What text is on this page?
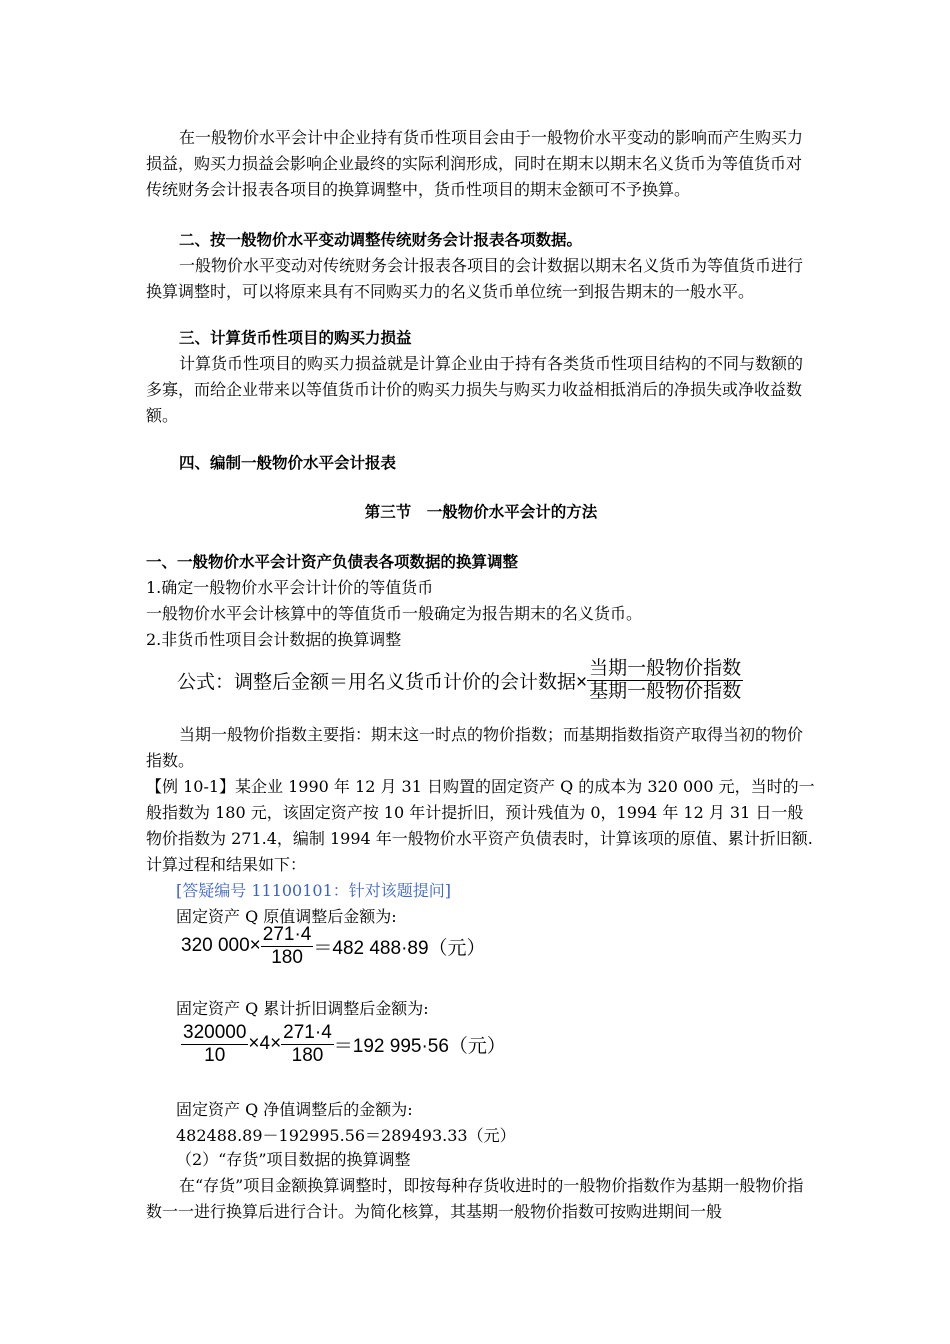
在一般物价水平会计中企业持有货币性项目会由于一般物价水平变动的影响而产生购买力损益，购买力损益会影响企业最终的实际利润形成，同时在期末以期末名义货币为等值货币对传统财务会计报表各项目的换算调整中，货币性项目的期末金额可不予换算。

二、按一般物价水平变动调整传统财务会计报表各项数据。

一般物价水平变动对传统财务会计报表各项目的会计数据以期末名义货币为等值货币进行换算调整时，可以将原来具有不同购买力的名义货币单位统一到报告期末的一般水平。

三、计算货币性项目的购买力损益

计算货币性项目的购买力损益就是计算企业由于持有各类货币性项目结构的不同与数额的多寡，而给企业带来以等值货币计价的购买力损失与购买力收益相抵消后的净损失或净收益数额。

四、编制一般物价水平会计报表

第三节　一般物价水平会计的方法

一、一般物价水平会计资产负债表各项数据的换算调整

1.确定一般物价水平会计计价的等值货币

一般物价水平会计核算中的等值货币一般确定为报告期末的名义货币。

2.非货币性项目会计数据的换算调整

公式：调整后金额＝用名义货币计价的会计数据× $\frac{\text{当期一般物价指数}}{\text{基期一般物价指数}}$

当期一般物价指数主要指：期末这一时点的物价指数；而基期指数指资产取得当初的物价指数。

【例 10-1】某企业 1990 年 12 月 31 日购置的固定资产 Q 的成本为 320 000 元，当时的一般指数为 180 元，该固定资产按 10 年计提折旧，预计残值为 0，1994 年 12 月 31 日一般物价指数为 271.4，编制 1994 年一般物价水平资产负债表时，计算该项的原值、累计折旧额. 计算过程和结果如下：

[答疑编号 11100101：针对该题提问]

固定资产 Q 原值调整后金额为:

320 $000\times \frac{271\cdot 4}{180} =482$ 488·89（元）

固定资产 Q 累计折旧调整后金额为:

$\frac{320000}{10} \times 4\times \frac{271\cdot 4}{180} =192$ 995·56（元）

固定资产 Q 净值调整后的金额为:

482488.89－192995.56＝289493.33（元）

（2）“存货”项目数据的换算调整

在“存货”项目金额换算调整时，即按每种存货收进时的一般物价指数作为基期一般物价指数一一进行换算后进行合计。为简化核算，其基期一般物价指数可按购进期间一般
